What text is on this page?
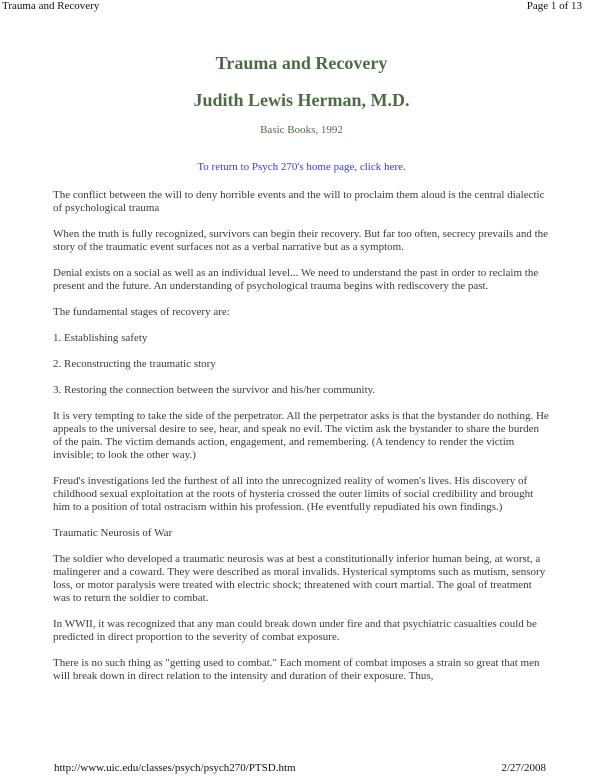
Trauma and Recovery	Page 1 of 13
Trauma and Recovery
Judith Lewis Herman, M.D.
Basic Books, 1992
To return to Psych 270's home page, click here.

The conflict between the will to deny horrible events and the will to proclaim them aloud is the central dialectic of psychological trauma

When the truth is fully recognized, survivors can begin their recovery. But far too often, secrecy prevails and the story of the traumatic event surfaces not as a verbal narrative but as a symptom.

Denial exists on a social as well as an individual level... We need to understand the past in order to reclaim the present and the future. An understanding of psychological trauma begins with rediscovery the past.

The fundamental stages of recovery are:

1. Establishing safety

2. Reconstructing the traumatic story

3. Restoring the connection between the survivor and his/her community.

It is very tempting to take the side of the perpetrator. All the perpetrator asks is that the bystander do nothing. He appeals to the universal desire to see, hear, and speak no evil. The victim ask the bystander to share the burden of the pain. The victim demands action, engagement, and remembering. (A tendency to render the victim invisible; to look the other way.)

Freud's investigations led the furthest of all into the unrecognized reality of women's lives. His discovery of childhood sexual exploitation at the roots of hysteria crossed the outer limits of social credibility and brought him to a position of total ostracism within his profession. (He eventfully repudiated his own findings.)

Traumatic Neurosis of War

The soldier who developed a traumatic neurosis was at best a constitutionally inferior human being, at worst, a malingerer and a coward. They were described as moral invalids. Hysterical symptoms such as mutism, sensory loss, or motor paralysis were treated with electric shock; threatened with court martial. The goal of treatment was to return the soldier to combat.

In WWII, it was recognized that any man could break down under fire and that psychiatric casualties could be predicted in direct proportion to the severity of combat exposure.

There is no such thing as "getting used to combat." Each moment of combat imposes a strain so great that men will break down in direct relation to the intensity and duration of their exposure. Thus,

http://www.uic.edu/classes/psych/psych270/PTSD.htm	2/27/2008
